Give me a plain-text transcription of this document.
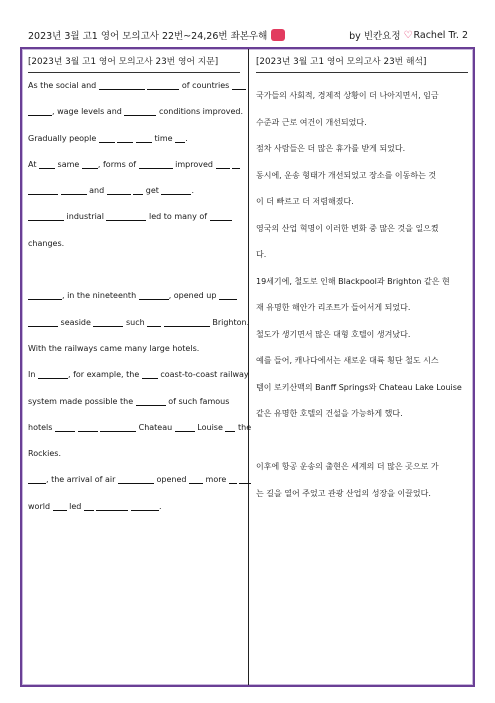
2023년 3월 고1 영어 모의고사 22번~24,26번 좌본우해	by 빈칸요정 ♡ Rachel Tr. 2
[2023년 3월 고1 영어 모의고사 23번 영어 지문]

As the social and	of countries

, wage levels and	conditions improved.

Gradually people	time .

At  same , forms of	improved

and	get	.

industrial	led to many of

changes.

, in the nineteenth	, opened up

seaside	such	Brighton.

With the railways came many large hotels.

In	, for example, the  coast-to-coast railway

system made possible the	of such famous

hotels	Chateau	Louise  the

Rockies.

, the arrival of air	opened  more

world  led	.

[2023년 3월 고1 영어 모의고사 23번 해석]

국가들의 사회적, 경제적 상황이 더 나아지면서, 임금

수준과 근로 여건이 개선되었다.

점차 사람들은 더 많은 휴가를 받게 되었다.

동시에, 운송 형태가 개선되었고 장소를 이동하는 것

이 더 빠르고 더 저렴해졌다.

영국의 산업 혁명이 이러한 변화 중 많은 것을 일으켰

다.

19세기에, 철도로 인해 Blackpool과 Brighton 같은 현

재 유명한 해안가 리조트가 들어서게 되었다.

철도가 생기면서 많은 대형 호텔이 생겨났다.

예를 들어, 캐나다에서는 새로운 대륙 횡단 철도 시스

템이 로키산맥의 Banff Springs와 Chateau Lake Louise

같은 유명한 호텔의 건설을 가능하게 했다.

이후에 항공 운송의 출현은 세계의 더 많은 곳으로 가

는 길을 열어 주었고 관광 산업의 성장을 이끌었다.
